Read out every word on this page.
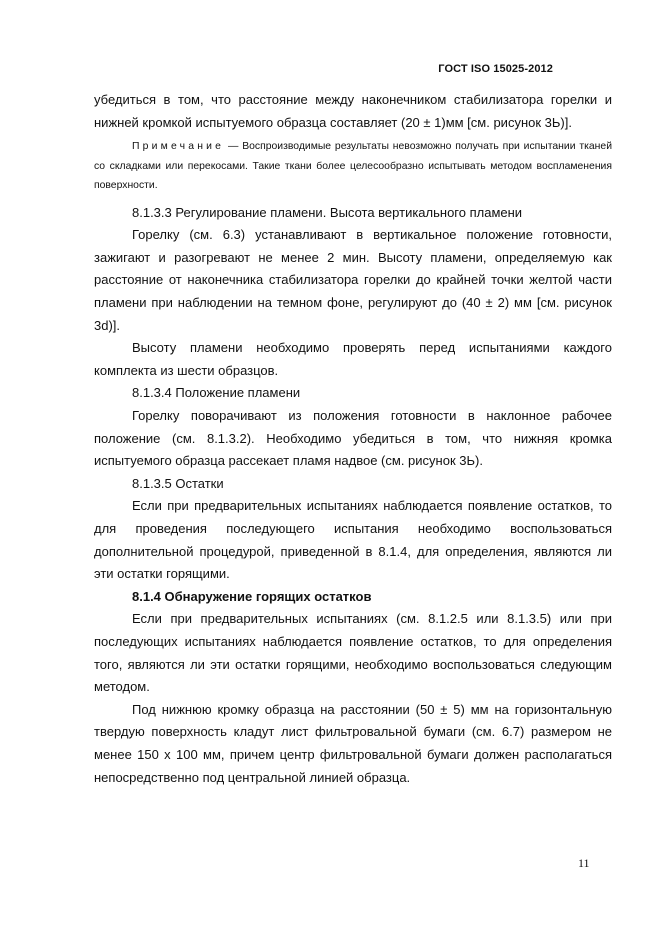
ГОСТ ISO 15025-2012

убедиться в том, что расстояние между наконечником стабилизатора горелки и нижней кромкой испытуемого образца составляет (20 ± 1)мм [см. рисунок 3Ь)].

Примечание — Воспроизводимые результаты невозможно получать при испытании тканей со складками или перекосами. Такие ткани более целесообразно испытывать методом воспламенения поверхности.

8.1.3.3 Регулирование пламени. Высота вертикального пламени

Горелку (см. 6.3) устанавливают в вертикальное положение готовности, зажигают и разогревают не менее 2 мин. Высоту пламени, определяемую как расстояние от наконечника стабилизатора горелки до крайней точки желтой части пламени при наблюдении на темном фоне, регулируют до (40 ± 2) мм [см. рисунок 3d)].

Высоту пламени необходимо проверять перед испытаниями каждого комплекта из шести образцов.

8.1.3.4 Положение пламени

Горелку поворачивают из положения готовности в наклонное рабочее положение (см. 8.1.3.2). Необходимо убедиться в том, что нижняя кромка испытуемого образца рассекает пламя надвое (см. рисунок 3Ь).

8.1.3.5 Остатки

Если при предварительных испытаниях наблюдается появление остатков, то для проведения последующего испытания необходимо воспользоваться дополнительной процедурой, приведенной в 8.1.4, для определения, являются ли эти остатки горящими.

8.1.4 Обнаружение горящих остатков

Если при предварительных испытаниях (см. 8.1.2.5 или 8.1.3.5) или при последующих испытаниях наблюдается появление остатков, то для определения того, являются ли эти остатки горящими, необходимо воспользоваться следующим методом.

Под нижнюю кромку образца на расстоянии (50 ± 5) мм на горизонтальную твердую поверхность кладут лист фильтровальной бумаги (см. 6.7) размером не менее 150 х 100 мм, причем центр фильтровальной бумаги должен располагаться непосредственно под центральной линией образца.

11
